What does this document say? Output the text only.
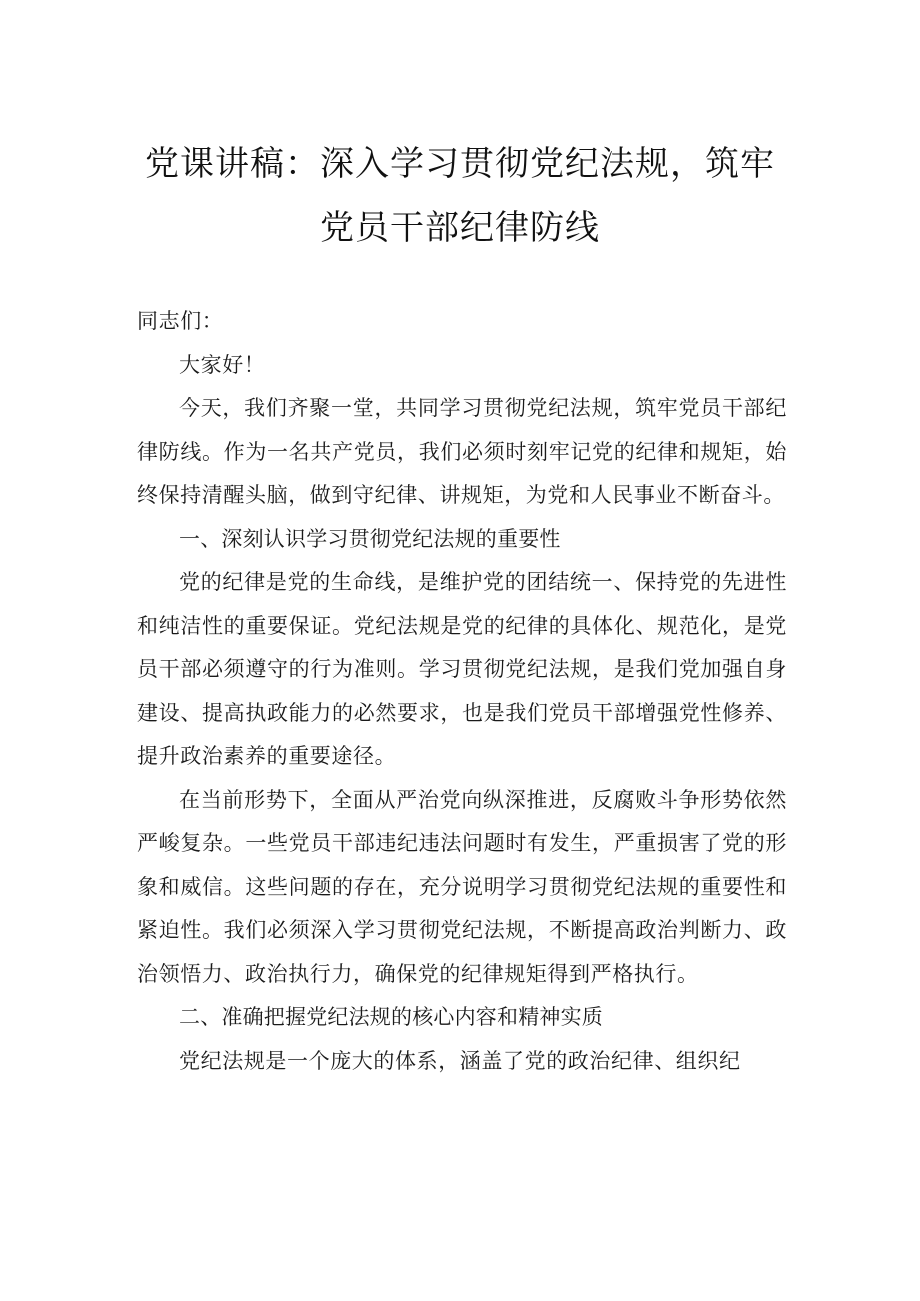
党课讲稿：深入学习贯彻党纪法规，筑牢
党员干部纪律防线

同志们：

大家好！

今天，我们齐聚一堂，共同学习贯彻党纪法规，筑牢党员干部纪律防线。作为一名共产党员，我们必须时刻牢记党的纪律和规矩，始终保持清醒头脑，做到守纪律、讲规矩，为党和人民事业不断奋斗。

一、深刻认识学习贯彻党纪法规的重要性

党的纪律是党的生命线，是维护党的团结统一、保持党的先进性和纯洁性的重要保证。党纪法规是党的纪律的具体化、规范化，是党员干部必须遵守的行为准则。学习贯彻党纪法规，是我们党加强自身建设、提高执政能力的必然要求，也是我们党员干部增强党性修养、提升政治素养的重要途径。

在当前形势下，全面从严治党向纵深推进，反腐败斗争形势依然严峻复杂。一些党员干部违纪违法问题时有发生，严重损害了党的形象和威信。这些问题的存在，充分说明学习贯彻党纪法规的重要性和紧迫性。我们必须深入学习贯彻党纪法规，不断提高政治判断力、政治领悟力、政治执行力，确保党的纪律规矩得到严格执行。

二、准确把握党纪法规的核心内容和精神实质

党纪法规是一个庞大的体系，涵盖了党的政治纪律、组织纪
